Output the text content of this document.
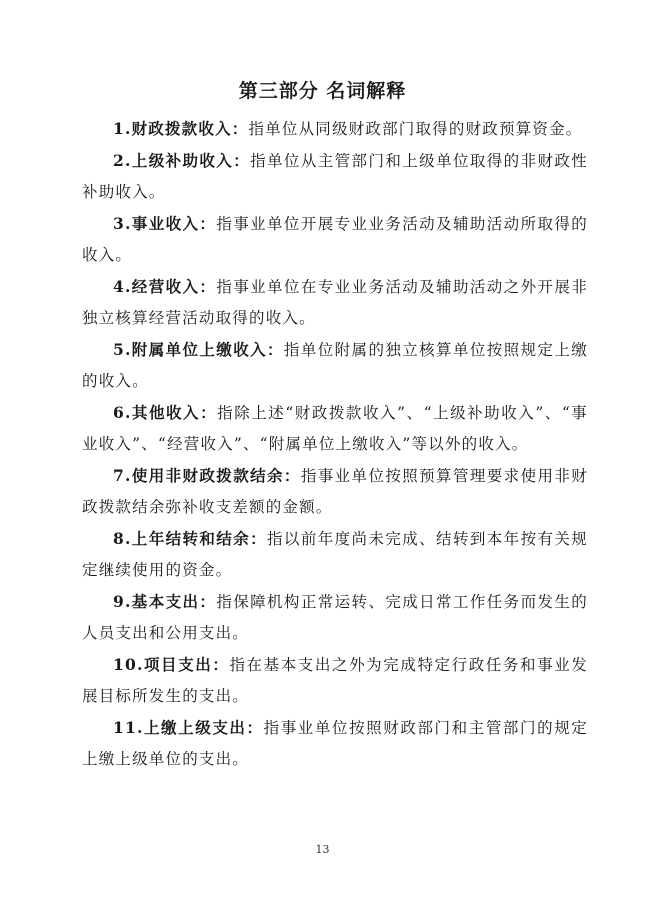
第三部分 名词解释

1.财政拨款收入：指单位从同级财政部门取得的财政预算资金。

2.上级补助收入：指单位从主管部门和上级单位取得的非财政性补助收入。

3.事业收入：指事业单位开展专业业务活动及辅助活动所取得的收入。

4.经营收入：指事业单位在专业业务活动及辅助活动之外开展非独立核算经营活动取得的收入。

5.附属单位上缴收入：指单位附属的独立核算单位按照规定上缴的收入。

6.其他收入：指除上述“财政拨款收入”、“上级补助收入”、“事业收入”、“经营收入”、“附属单位上缴收入”等以外的收入。

7.使用非财政拨款结余：指事业单位按照预算管理要求使用非财政拨款结余弥补收支差额的金额。

8.上年结转和结余：指以前年度尚未完成、结转到本年按有关规定继续使用的资金。

9.基本支出：指保障机构正常运转、完成日常工作任务而发生的人员支出和公用支出。

10.项目支出：指在基本支出之外为完成特定行政任务和事业发展目标所发生的支出。

11.上缴上级支出：指事业单位按照财政部门和主管部门的规定上缴上级单位的支出。

13
